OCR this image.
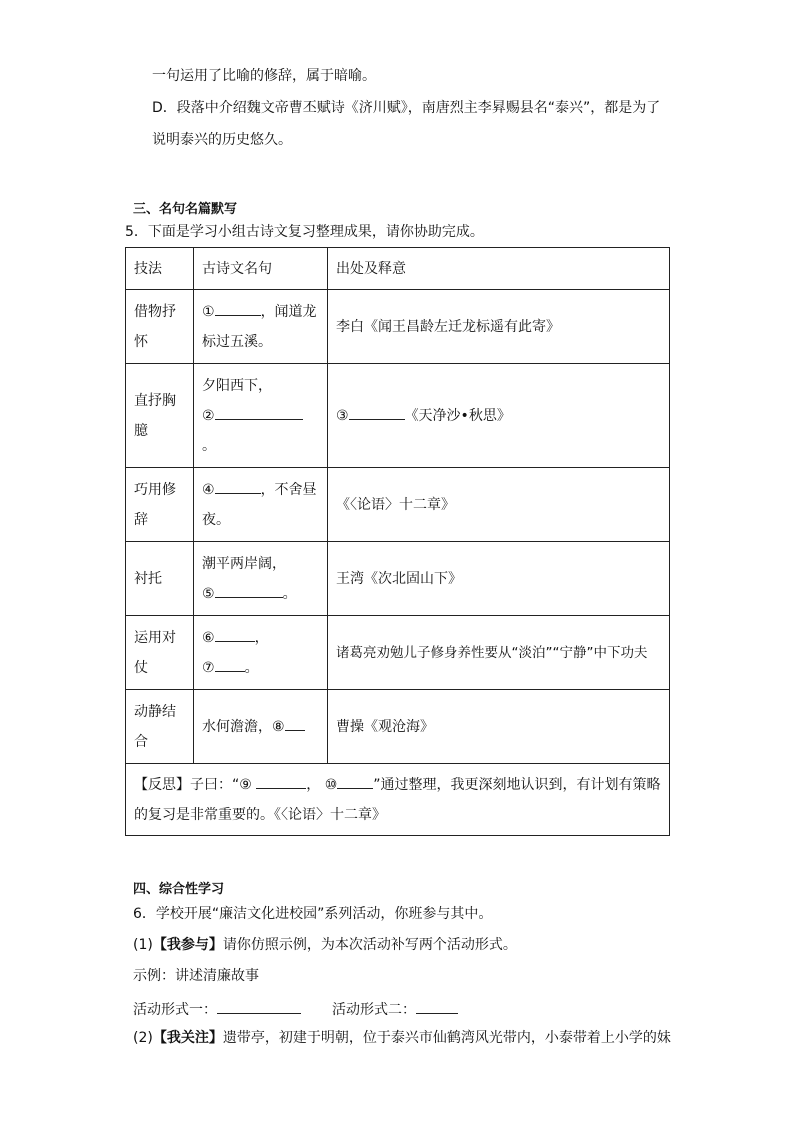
一句运用了比喻的修辞，属于暗喻。
D．段落中介绍魏文帝曹丕赋诗《济川赋》，南唐烈主李昪赐县名“泰兴”，都是为了
说明泰兴的历史悠久。
三、名句名篇默写
5．下面是学习小组古诗文复习整理成果，请你协助完成。
技法	古诗文名句	出处及释意
借物抒怀	① ，闻道龙标过五溪。	李白《闻王昌龄左迁龙标遥有此寄》
直抒胸臆	夕阳西下，
②
。	③ 《天净沙•秋思》
巧用修辞	④ ，不舍昼夜。	《〈论语〉十二章》
衬托	潮平两岸阔，
⑤ 。	王湾《次北固山下》
运用对仗	⑥ ，
⑦ 。	诸葛亮劝勉儿子修身养性要从“淡泊”“宁静”中下功夫
动静结合	水何澹澹，⑧	曹操《观沧海》
【反思】子曰：“⑨ ， ⑩ ”通过整理，我更深刻地认识到，有计划有策略的复习是非常重要的。《〈论语〉十二章》		
四、综合性学习
6．学校开展“廉洁文化进校园”系列活动，你班参与其中。
(1)【我参与】请你仿照示例，为本次活动补写两个活动形式。
示例：讲述清廉故事
活动形式一：	活动形式二：
(2)【我关注】遗带亭，初建于明朝，位于泰兴市仙鹤湾风光带内，小泰带着上小学的妹
